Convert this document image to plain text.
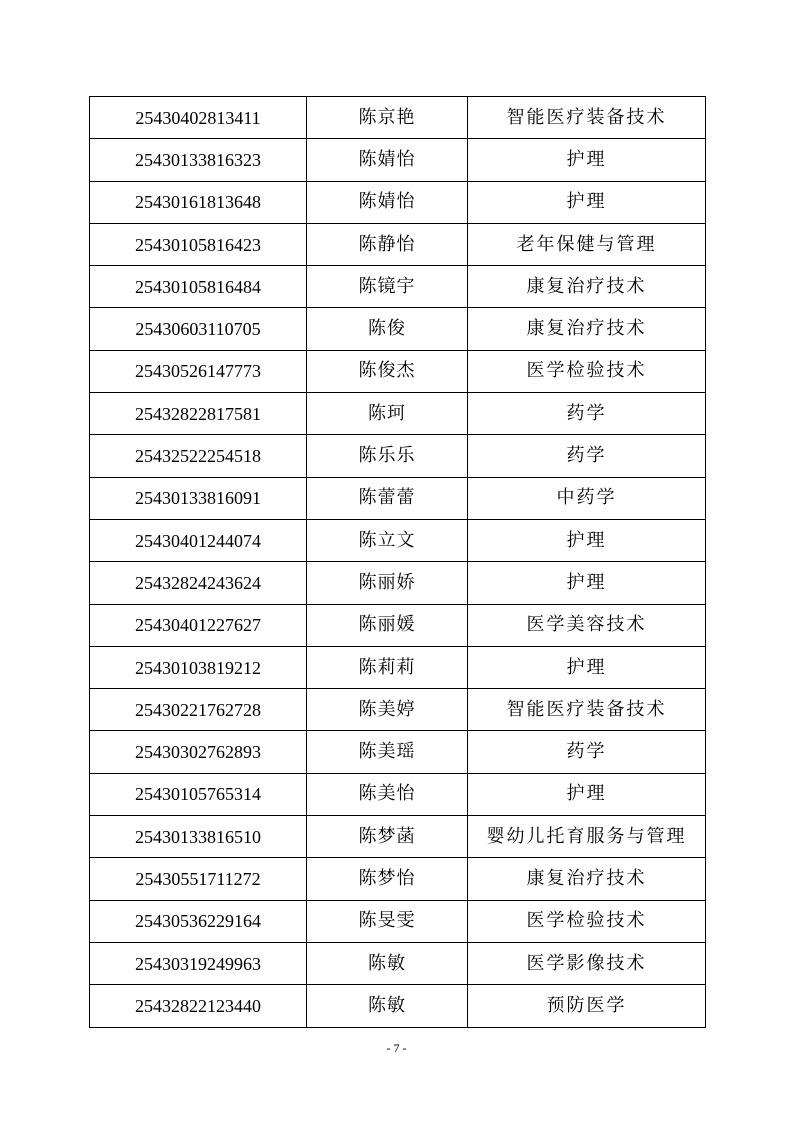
25430402813411	陈京艳	智能医疗装备技术
25430133816323	陈婧怡	护理
25430161813648	陈婧怡	护理
25430105816423	陈静怡	老年保健与管理
25430105816484	陈镜宇	康复治疗技术
25430603110705	陈俊	康复治疗技术
25430526147773	陈俊杰	医学检验技术
25432822817581	陈珂	药学
25432522254518	陈乐乐	药学
25430133816091	陈蕾蕾	中药学
25430401244074	陈立文	护理
25432824243624	陈丽娇	护理
25430401227627	陈丽媛	医学美容技术
25430103819212	陈莉莉	护理
25430221762728	陈美婷	智能医疗装备技术
25430302762893	陈美瑶	药学
25430105765314	陈美怡	护理
25430133816510	陈梦菡	婴幼儿托育服务与管理
25430551711272	陈梦怡	康复治疗技术
25430536229164	陈旻雯	医学检验技术
25430319249963	陈敏	医学影像技术
25432822123440	陈敏	预防医学
- 7 -
